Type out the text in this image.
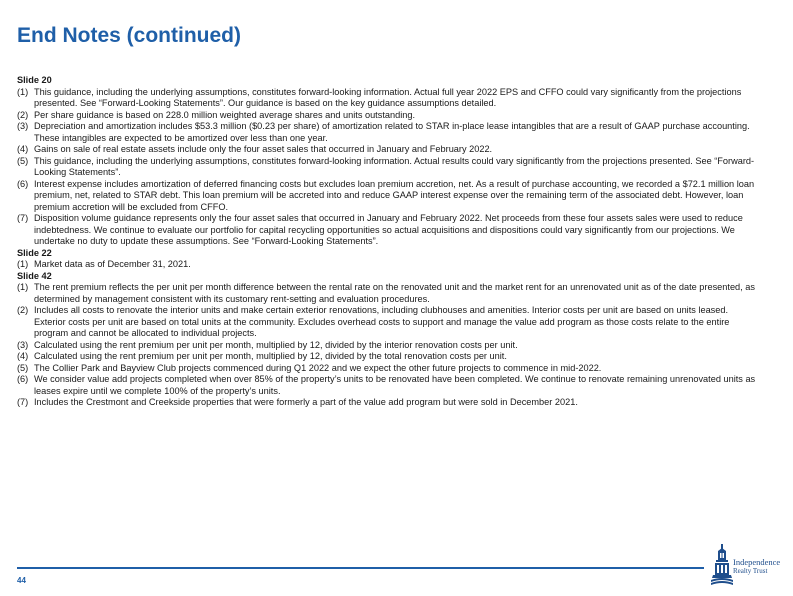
End Notes (continued)
Slide 20
(1) This guidance, including the underlying assumptions, constitutes forward-looking information. Actual full year 2022 EPS and CFFO could vary significantly from the projections presented. See “Forward-Looking Statements”. Our guidance is based on the key guidance assumptions detailed.
(2) Per share guidance is based on 228.0 million weighted average shares and units outstanding.
(3) Depreciation and amortization includes $53.3 million ($0.23 per share) of amortization related to STAR in-place lease intangibles that are a result of GAAP purchase accounting. These intangibles are expected to be amortized over less than one year.
(4) Gains on sale of real estate assets include only the four asset sales that occurred in January and February 2022.
(5) This guidance, including the underlying assumptions, constitutes forward-looking information. Actual results could vary significantly from the projections presented. See “Forward-Looking Statements”.
(6) Interest expense includes amortization of deferred financing costs but excludes loan premium accretion, net. As a result of purchase accounting, we recorded a $72.1 million loan premium, net, related to STAR debt. This loan premium will be accreted into and reduce GAAP interest expense over the remaining term of the associated debt. However, loan premium accretion will be excluded from CFFO.
(7) Disposition volume guidance represents only the four asset sales that occurred in January and February 2022. Net proceeds from these four assets sales were used to reduce indebtedness. We continue to evaluate our portfolio for capital recycling opportunities so actual acquisitions and dispositions could vary significantly from our projections. We undertake no duty to update these assumptions. See “Forward-Looking Statements”.
Slide 22
(1) Market data as of December 31, 2021.
Slide 42
(1) The rent premium reflects the per unit per month difference between the rental rate on the renovated unit and the market rent for an unrenovated unit as of the date presented, as determined by management consistent with its customary rent-setting and evaluation procedures.
(2) Includes all costs to renovate the interior units and make certain exterior renovations, including clubhouses and amenities. Interior costs per unit are based on units leased. Exterior costs per unit are based on total units at the community. Excludes overhead costs to support and manage the value add program as those costs relate to the entire program and cannot be allocated to individual projects.
(3) Calculated using the rent premium per unit per month, multiplied by 12, divided by the interior renovation costs per unit.
(4) Calculated using the rent premium per unit per month, multiplied by 12, divided by the total renovation costs per unit.
(5) The Collier Park and Bayview Club projects commenced during Q1 2022 and we expect the other future projects to commence in mid-2022.
(6) We consider value add projects completed when over 85% of the property’s units to be renovated have been completed. We continue to renovate remaining unrenovated units as leases expire until we complete 100% of the property’s units.
(7) Includes the Crestmont and Creekside properties that were formerly a part of the value add program but were sold in December 2021.
44
Independence
Realty Trust
